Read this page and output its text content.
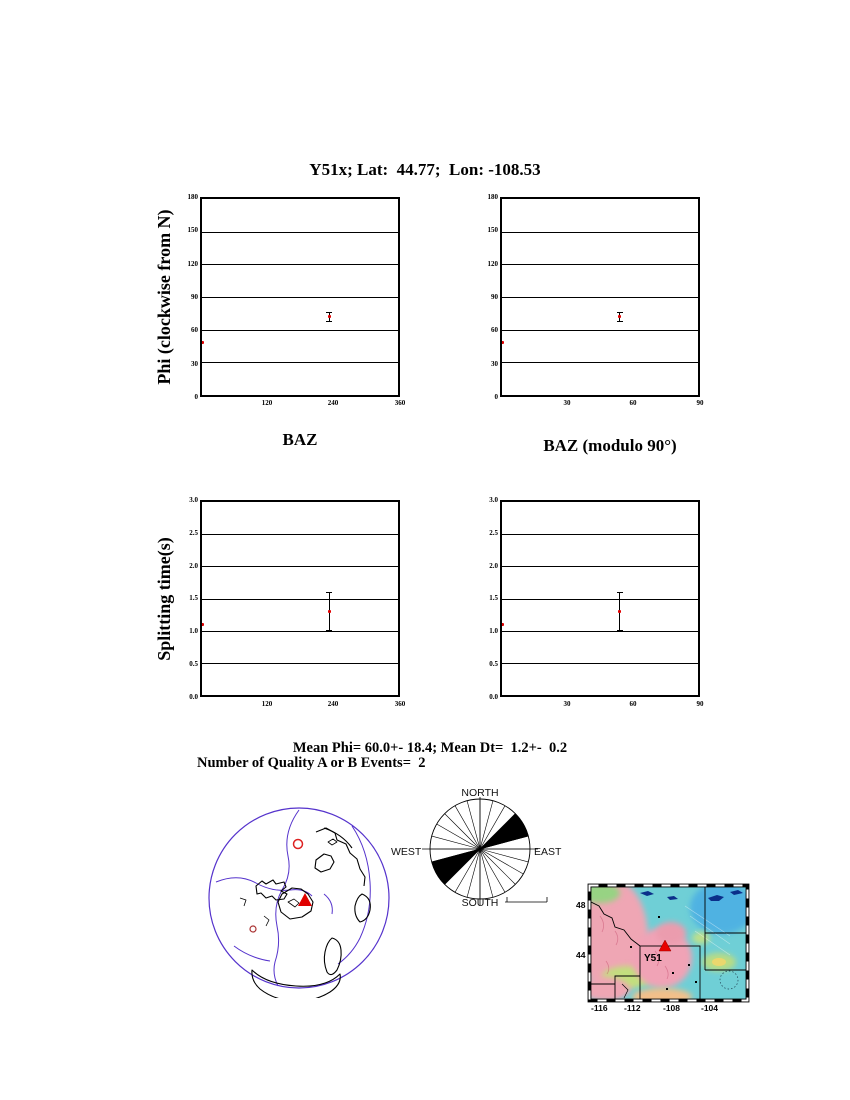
Y51x; Lat:  44.77;  Lon: -108.53
Phi (clockwise from N)
Splitting time(s)
180
150
120
90
60
30
0
180
150
120
90
60
30
0
3.0
2.5
2.0
1.5
1.0
0.5
0.0
3.0
2.5
2.0
1.5
1.0
0.5
0.0
120	240	360	30	60	90
120	240	360	30	60	90
BAZ	BAZ (modulo 90°)
Mean Phi= 60.0+- 18.4; Mean Dt=  1.2+-  0.2
Number of Quality A or B Events=  2
NORTH
SOUTH
EAST
WEST
Y51
48
44
-116 -112	-108 -104
